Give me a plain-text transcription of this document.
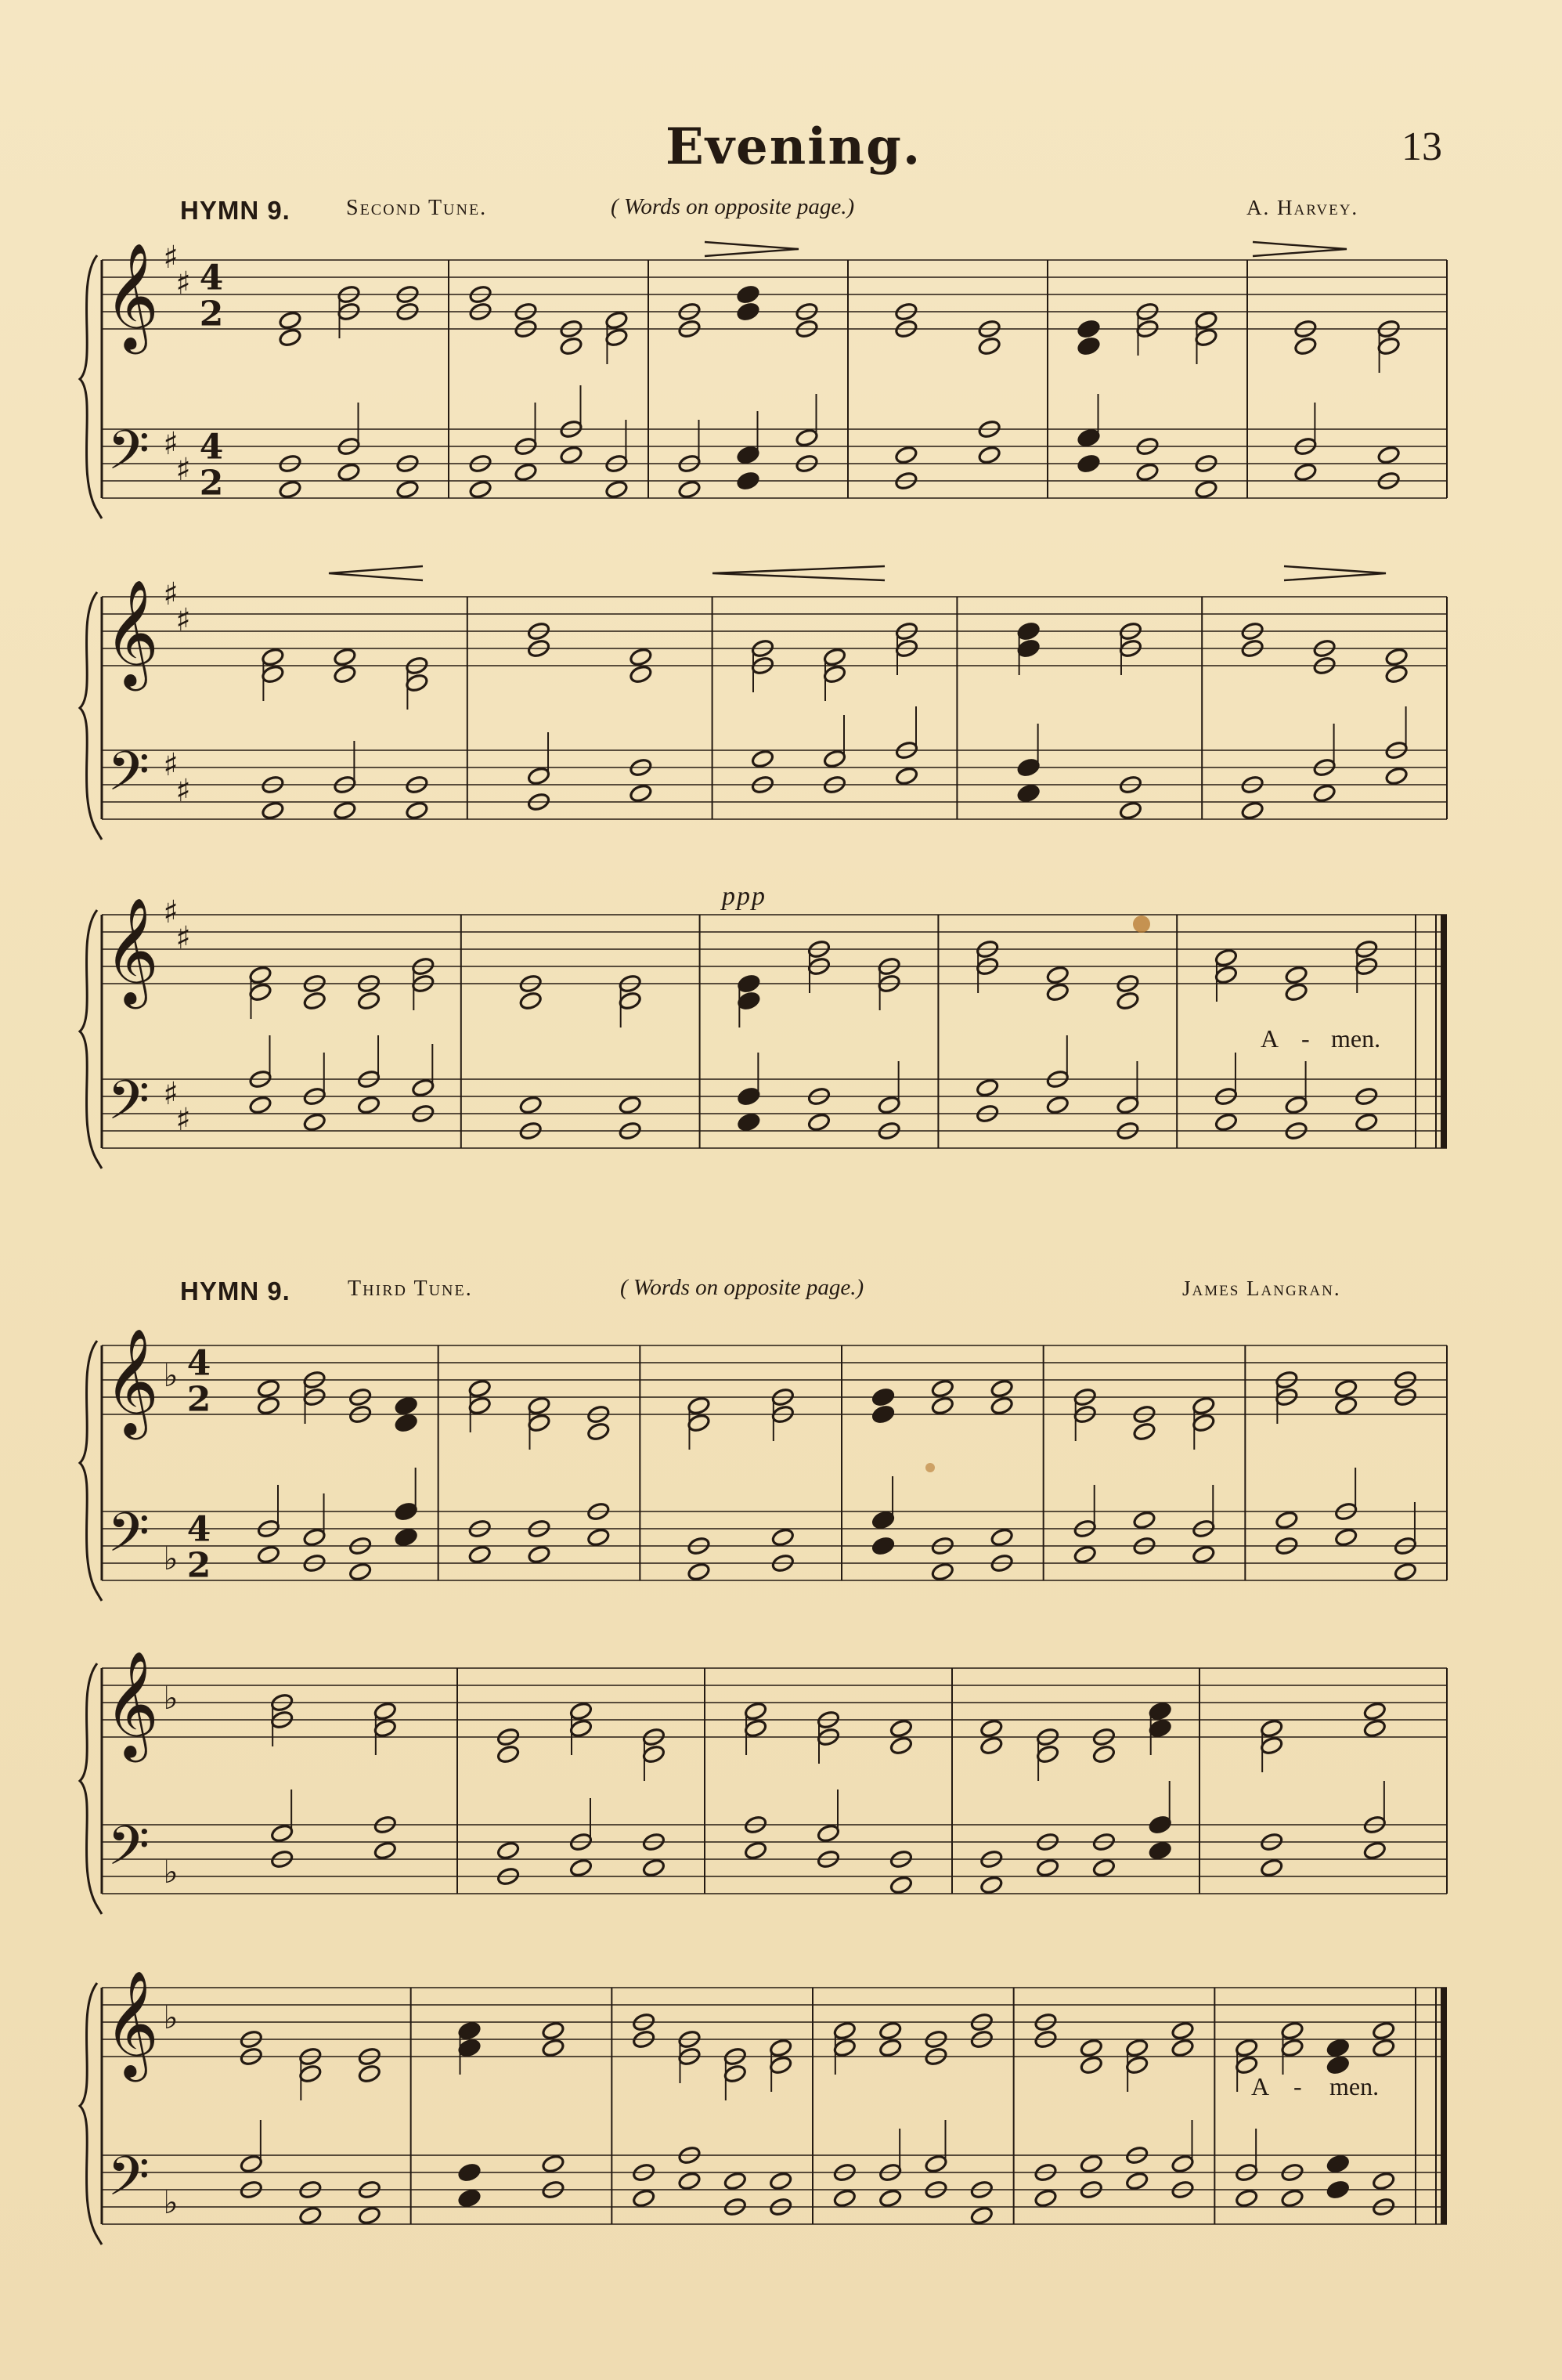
𝄞
𝄢
♯
♯
♯
♯
4
2
4
2
𝄞
𝄢
♯
♯
♯
♯
𝄞
𝄢
♯
♯
♯
♯
𝄞
𝄢
♭
♭
4
2
4
2
𝄞
𝄢
♭
♭
𝄞
𝄢
♭
♭
Evening.	13
HYMN 9.	Second Tune.	( Words on opposite page.)	A. Harvey.
ppp
A - men.
HYMN 9.	Third Tune.	( Words on opposite page.)	James Langran.
A - men.
